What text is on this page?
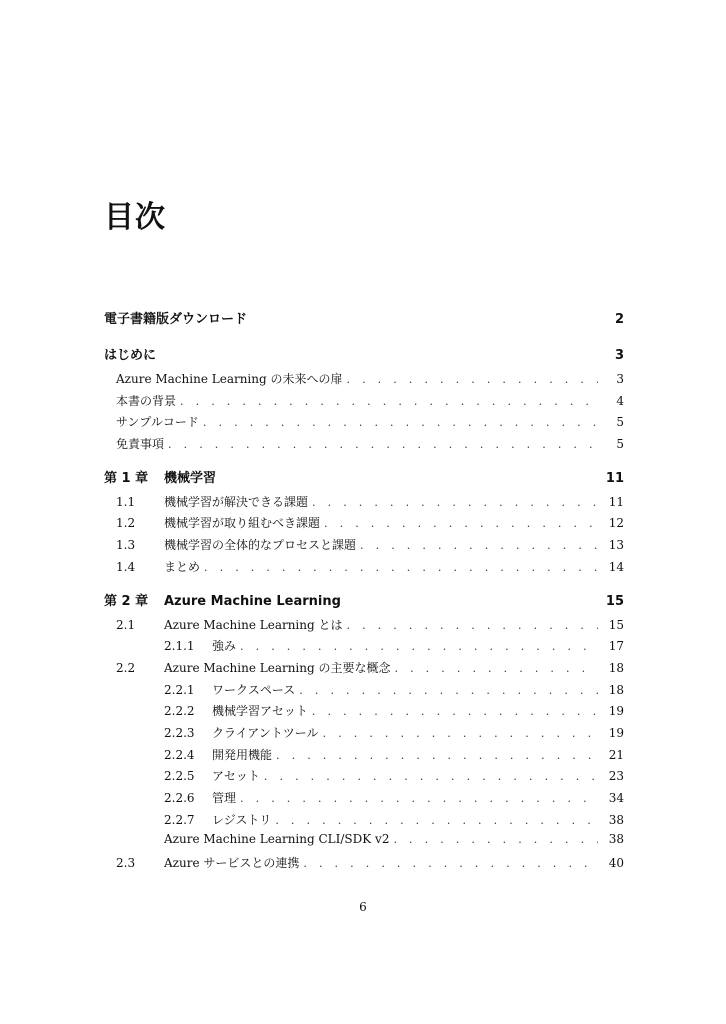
目次
電子書籍版ダウンロード	2
はじめに	3
Azure Machine Learning の未来への扉 . . .	3
本書の背景 . . .	4
サンプルコード . . .	5
免責事項 . . .	5
第 1 章	機械学習	11
1.1	機械学習が解決できる課題 . . .	11
1.2	機械学習が取り組むべき課題 . . .	12
1.3	機械学習の全体的なプロセスと課題 . . .	13
1.4	まとめ . . .	14
第 2 章	Azure Machine Learning	15
2.1	Azure Machine Learning とは . . .	15
2.1.1	強み . . .	17
2.2	Azure Machine Learning の主要な概念 . . .	18
2.2.1	ワークスペース . . .	18
2.2.2	機械学習アセット . . .	19
2.2.3	クライアントツール . . .	19
2.2.4	開発用機能 . . .	21
2.2.5	アセット . . .	23
2.2.6	管理 . . .	34
2.2.7	レジストリ . . .	38
Azure Machine Learning CLI/SDK v2 . . .	38
2.3	Azure サービスとの連携 . . .	40
6
